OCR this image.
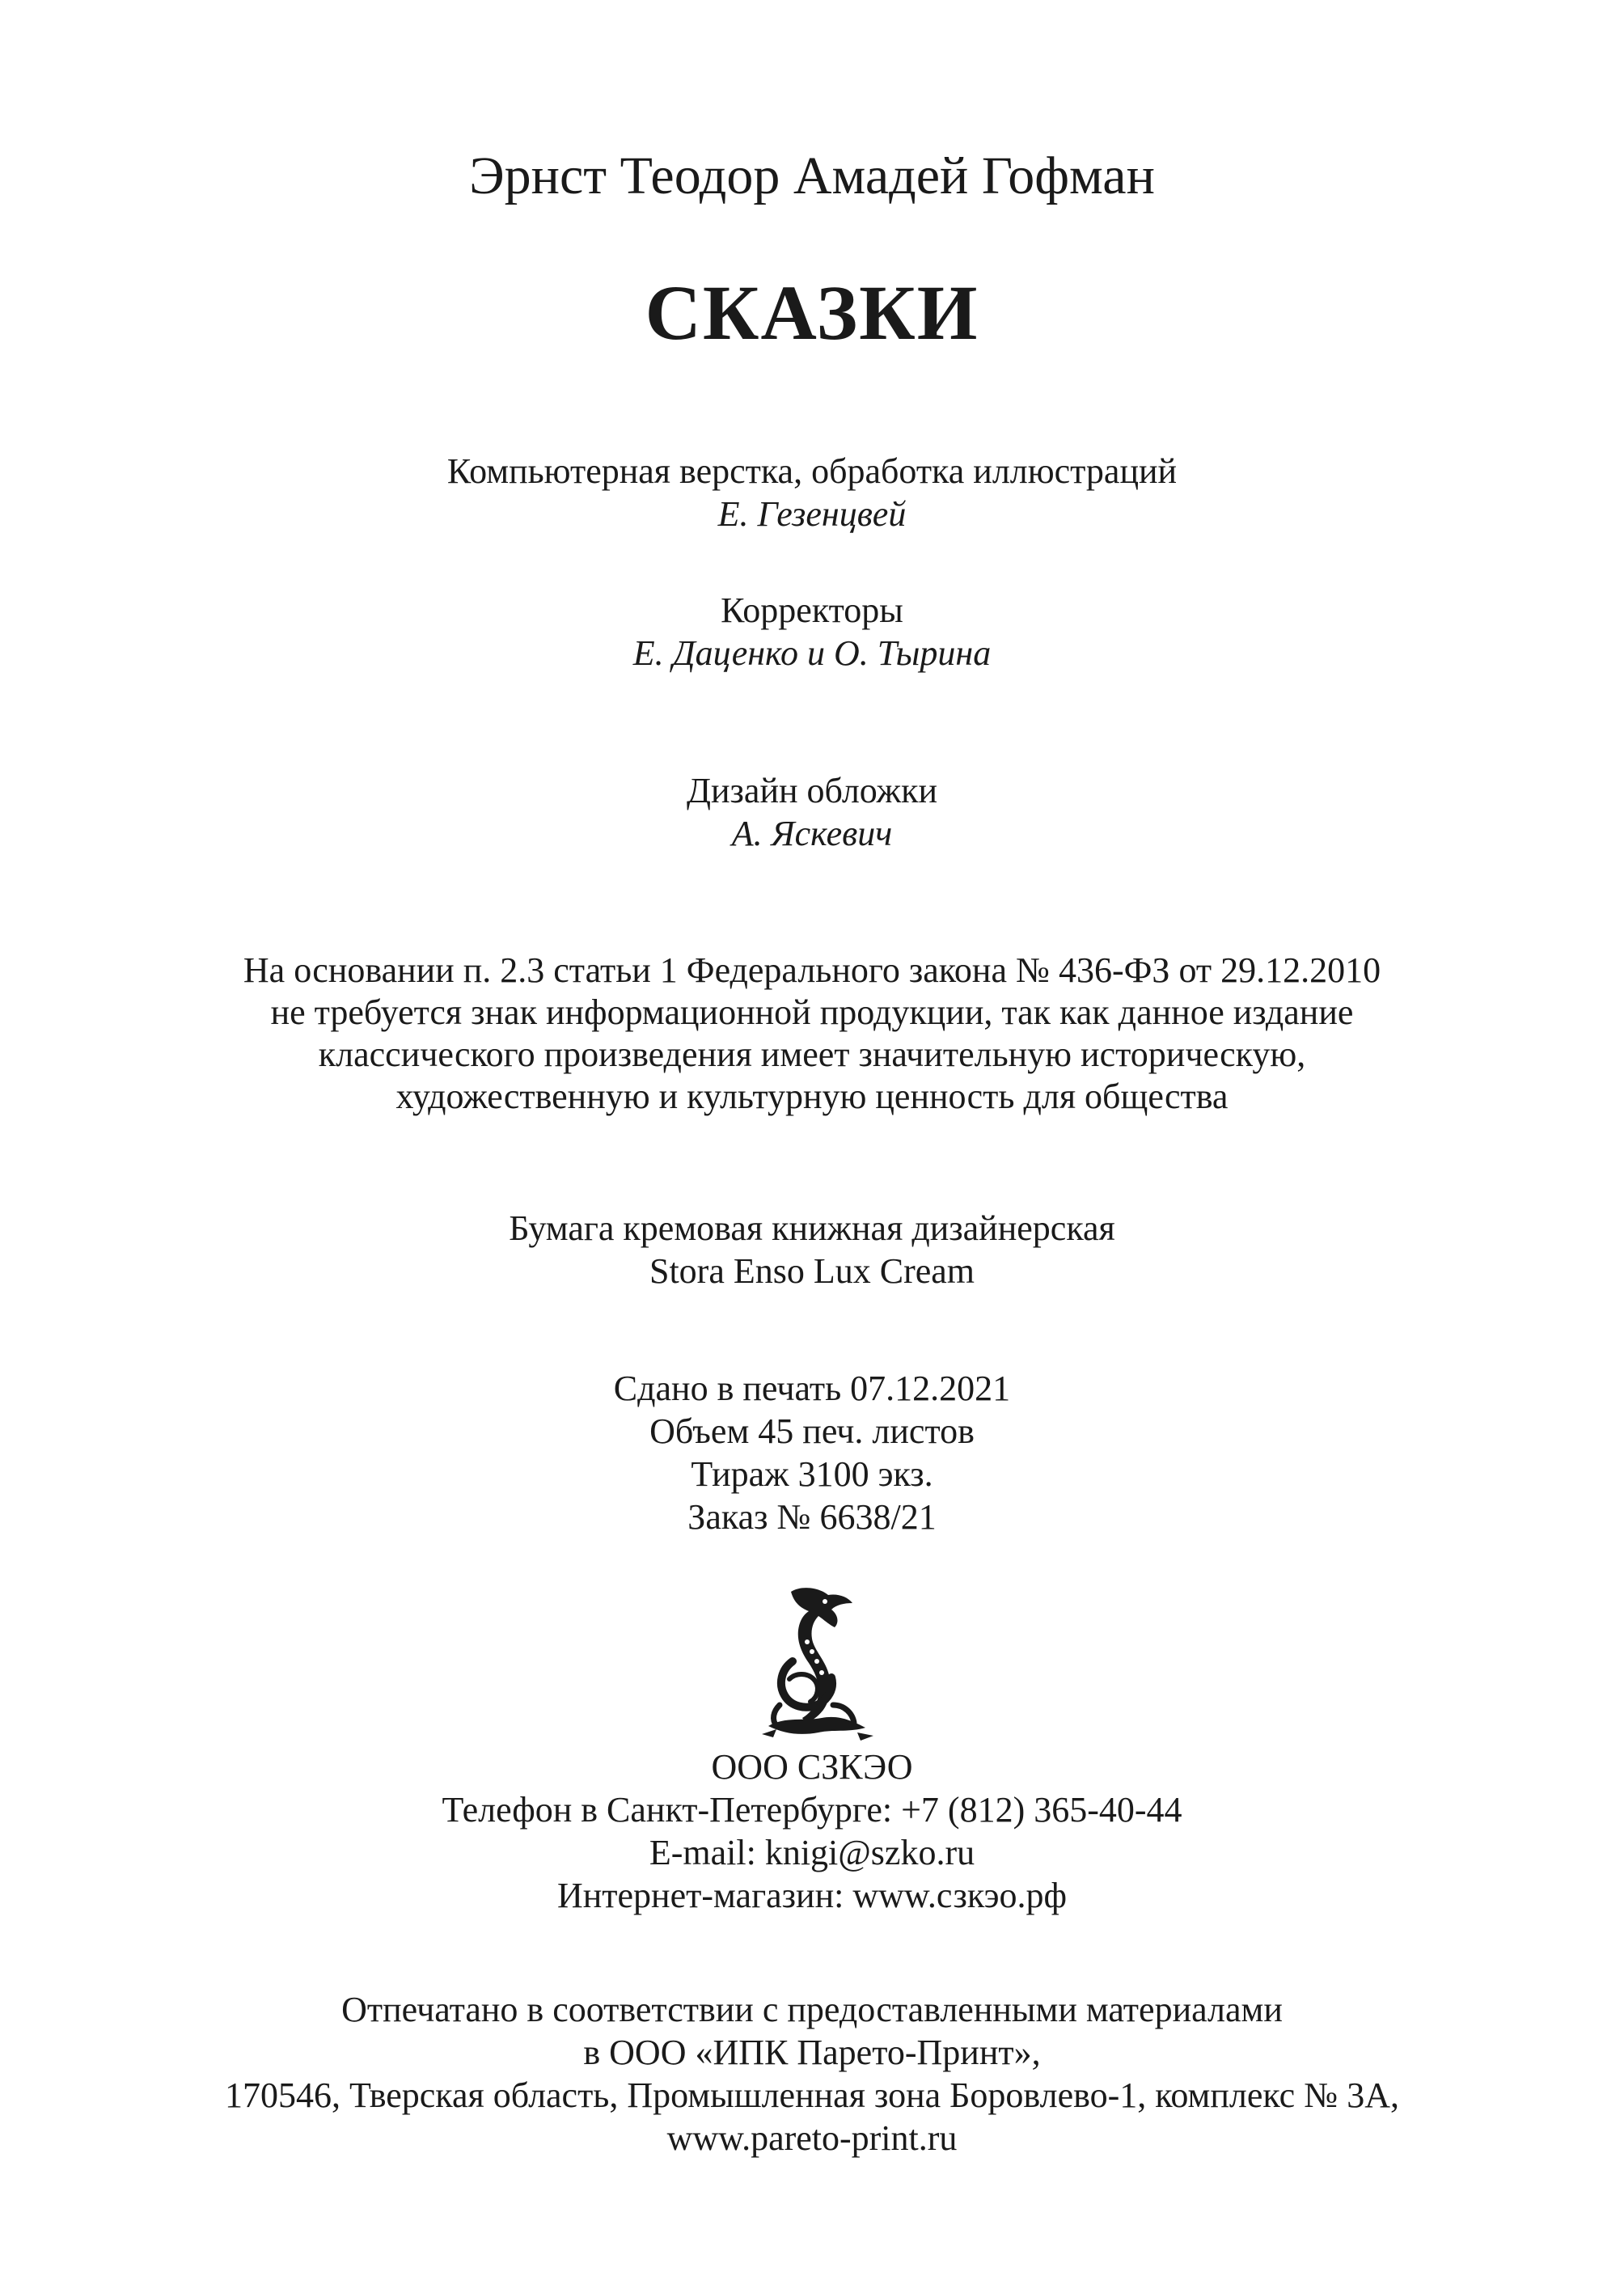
Эрнст Теодор Амадей Гофман
СКАЗКИ
Компьютерная верстка, обработка иллюстраций
Е. Гезенцвей
Корректоры
Е. Даценко и О. Тырина
Дизайн обложки
А. Яскевич
На основании п. 2.3 статьи 1 Федерального закона № 436-ФЗ от 29.12.2010
не требуется знак информационной продукции, так как данное издание
классического произведения имеет значительную историческую,
художественную и культурную ценность для общества
Бумага кремовая книжная дизайнерская
Stora Enso Lux Cream
Сдано в печать 07.12.2021
Объем 45 печ. листов
Тираж 3100 экз.
Заказ № 6638/21
ООО СЗКЭО
Телефон в Санкт-Петербурге: +7 (812) 365-40-44
E-mail: knigi@szko.ru
Интернет-магазин: www.сзкэо.рф
Отпечатано в соответствии с предоставленными материалами
в ООО «ИПК Парето-Принт»,
170546, Тверская область, Промышленная зона Боровлево-1, комплекс № 3А,
www.pareto-print.ru
